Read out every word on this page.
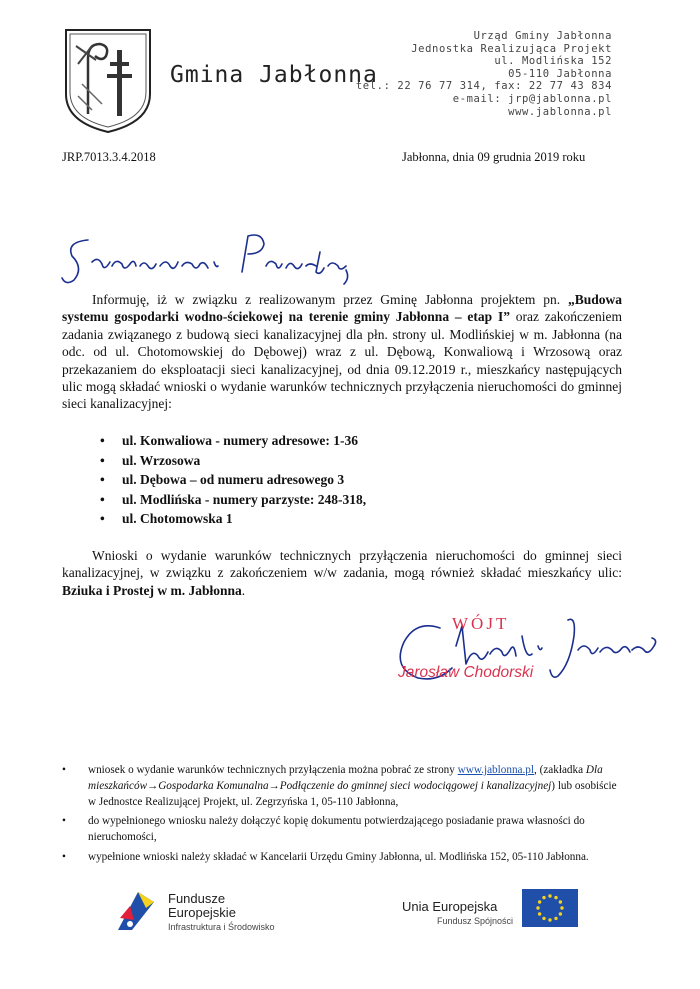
Gmina Jabłonna
Urząd Gminy Jabłonna
Jednostka Realizująca Projekt
ul. Modlińska 152
05-110 Jabłonna
tel.: 22 76 77 314, fax: 22 77 43 834
e-mail: jrp@jablonna.pl
www.jablonna.pl
JRP.7013.3.4.2018	Jabłonna, dnia 09 grudnia 2019 roku

Informuję, iż w związku z realizowanym przez Gminę Jabłonna projektem pn. „Budowa systemu gospodarki wodno-ściekowej na terenie gminy Jabłonna – etap I” oraz zakończeniem zadania związanego z budową sieci kanalizacyjnej dla płn. strony ul. Modlińskiej w m. Jabłonna (na odc. od ul. Chotomowskiej do Dębowej) wraz z ul. Dębową, Konwaliową i Wrzosową oraz przekazaniem do eksploatacji sieci kanalizacyjnej, od dnia 09.12.2019 r., mieszkańcy następujących ulic mogą składać wnioski o wydanie warunków technicznych przyłączenia nieruchomości do gminnej sieci kanalizacyjnej:

• ul. Konwaliowa - numery adresowe: 1-36
• ul. Wrzosowa
• ul. Dębowa – od numeru adresowego 3
• ul. Modlińska - numery parzyste: 248-318,
• ul. Chotomowska 1

Wnioski o wydanie warunków technicznych przyłączenia nieruchomości do gminnej sieci kanalizacyjnej, w związku z zakończeniem w/w zadania, mogą również składać mieszkańcy ulic: Bziuka i Prostej w m. Jabłonna.

WÓJT
Jarosław Chodorski
• wniosek o wydanie warunków technicznych przyłączenia można pobrać ze strony www.jablonna.pl, (zakładka Dla mieszkańców→Gospodarka Komunalna→Podłączenie do gminnej sieci wodociągowej i kanalizacyjnej) lub osobiście w Jednostce Realizującej Projekt, ul. Zegrzyńska 1, 05-110 Jabłonna,
• do wypełnionego wniosku należy dołączyć kopię dokumentu potwierdzającego posiadanie prawa własności do nieruchomości,
• wypełnione wnioski należy składać w Kancelarii Urzędu Gminy Jabłonna, ul. Modlińska 152, 05-110 Jabłonna.
Fundusze
Europejskie
Infrastruktura i Środowisko
Unia Europejska
Fundusz Spójności
